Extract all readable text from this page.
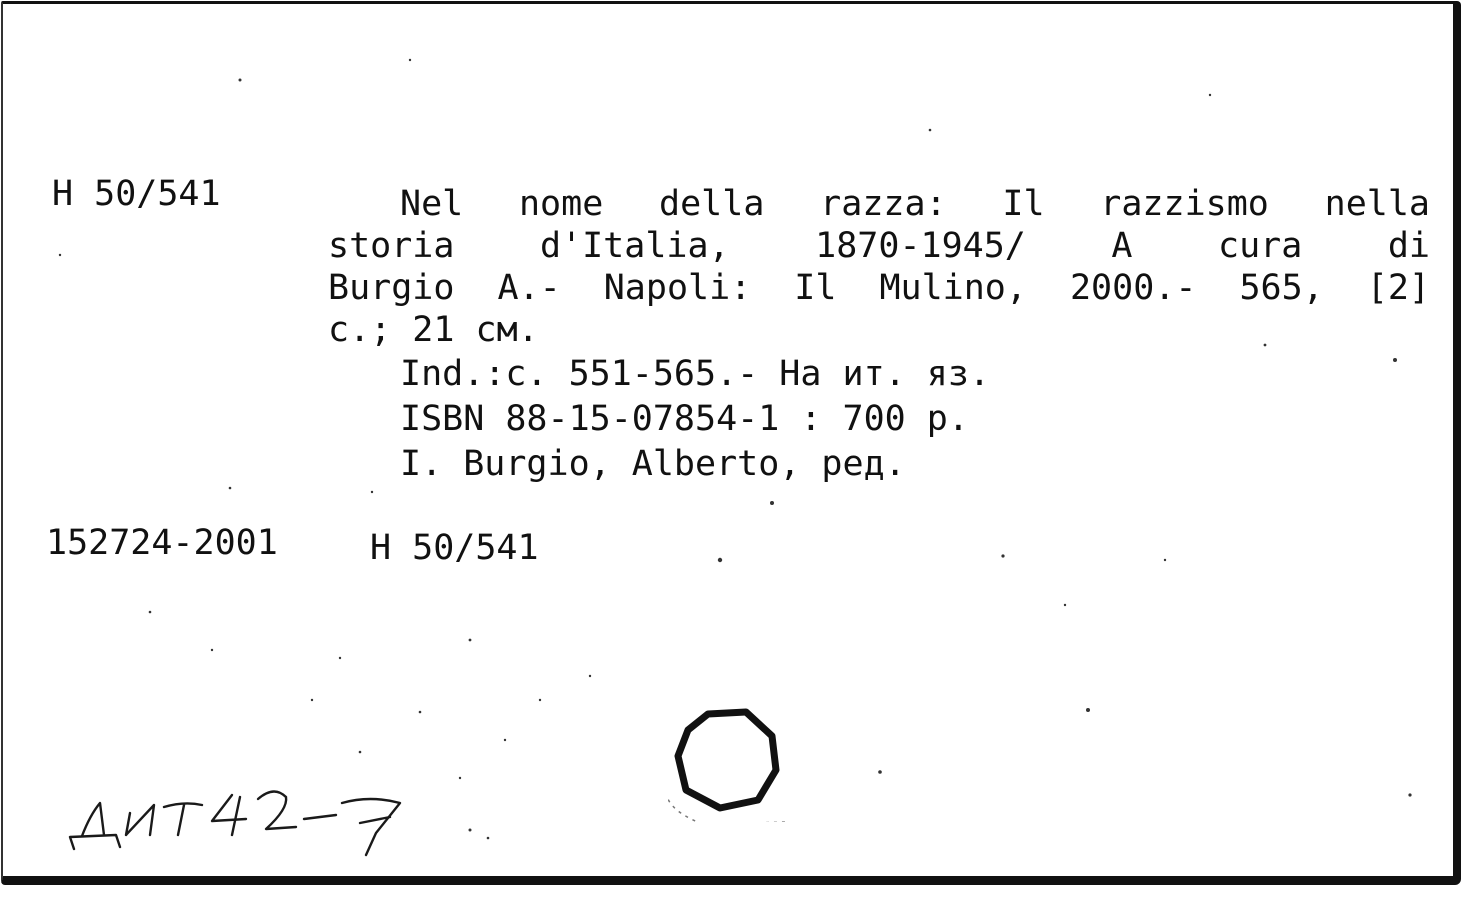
H 50/541	Nel nome della razza: Il razzismo nella

storia d'Italia, 1870-1945/ A cura di

Burgio A.- Napoli: Il Mulino, 2000.- 565, [2]

с.; 21 см.

Ind.:c. 551-565.- На ит. яз.

ISBN 88-15-07854-1 : 700 p.

I. Burgio, Alberto, ред.

152724-2001	H 50/541
